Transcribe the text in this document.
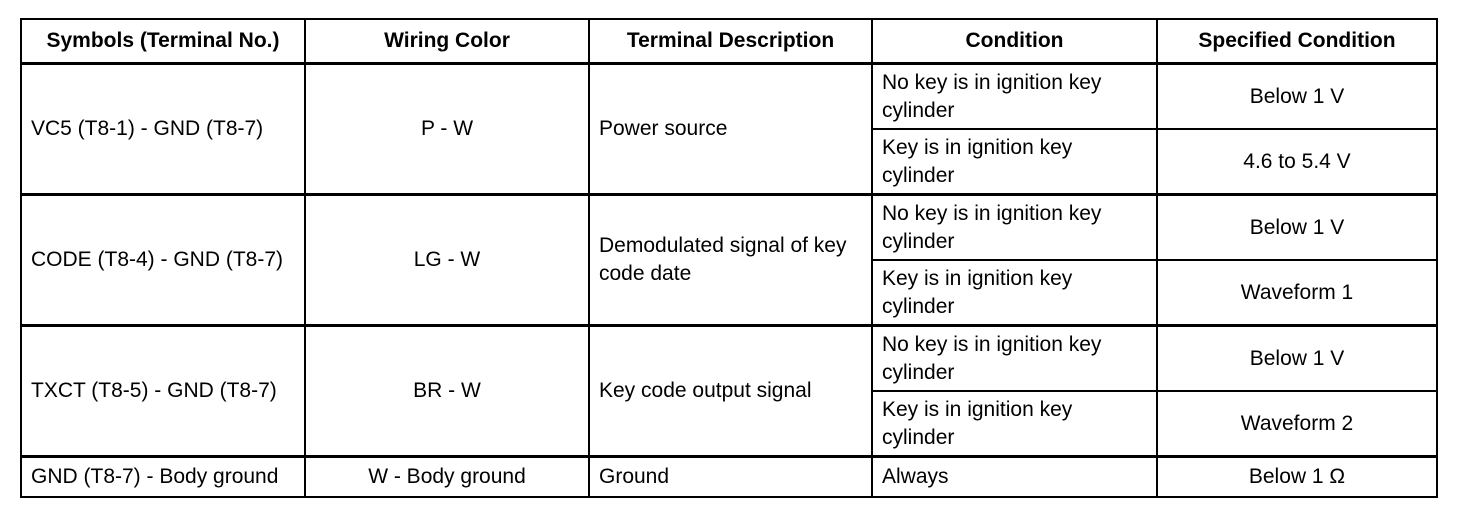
Symbols (Terminal No.)	Wiring Color	Terminal Description	Condition	Specified Condition
VC5 (T8-1) - GND (T8-7)	P - W	Power source	No key is in ignition key cylinder	Below 1 V
			Key is in ignition key cylinder	4.6 to 5.4 V
CODE (T8-4) - GND (T8-7)	LG - W	Demodulated signal of key code date	No key is in ignition key cylinder	Below 1 V
			Key is in ignition key cylinder	Waveform 1
TXCT (T8-5) - GND (T8-7)	BR - W	Key code output signal	No key is in ignition key cylinder	Below 1 V
			Key is in ignition key cylinder	Waveform 2
GND (T8-7) - Body ground	W - Body ground	Ground	Always	Below 1 Ω
